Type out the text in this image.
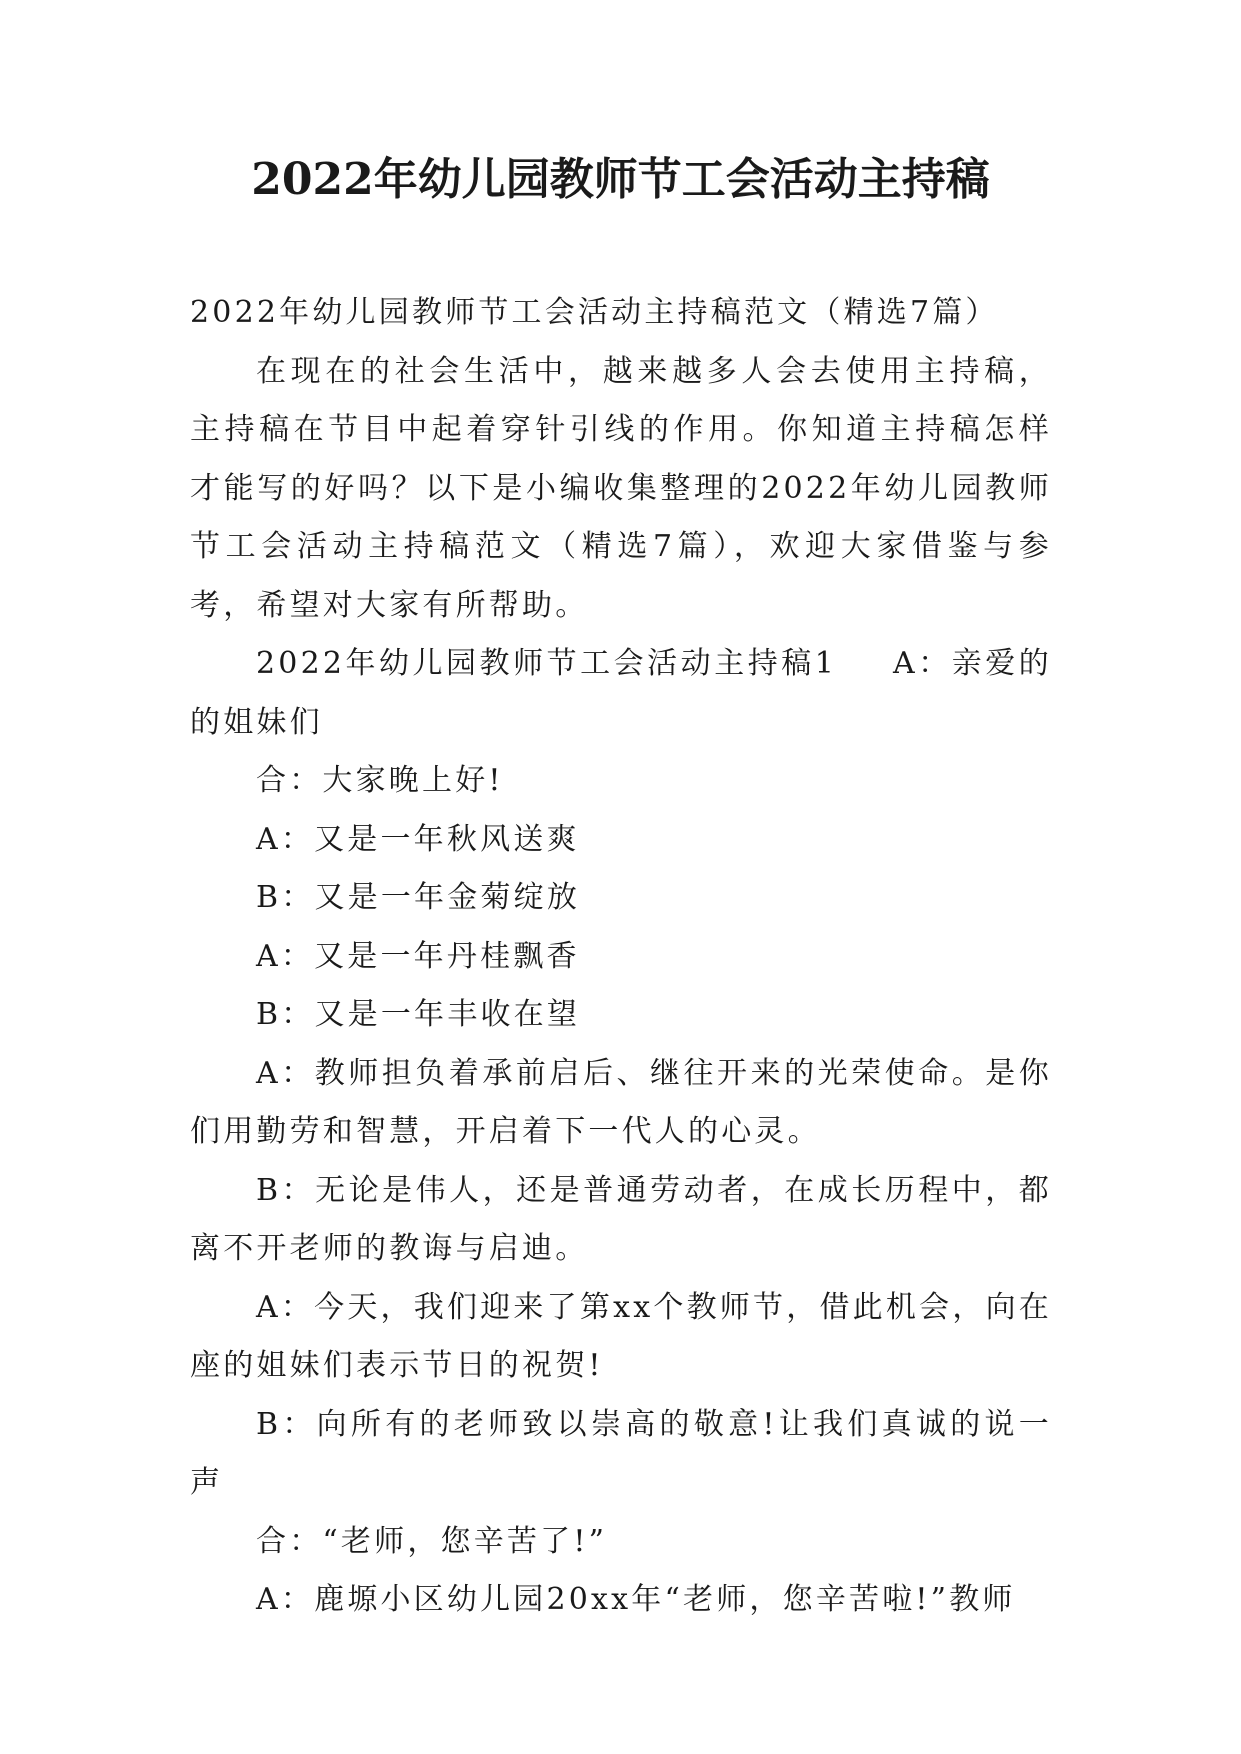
2022年幼儿园教师节工会活动主持稿

2022年幼儿园教师节工会活动主持稿范文（精选7篇）

在现在的社会生活中，越来越多人会去使用主持稿，主持稿在节目中起着穿针引线的作用。你知道主持稿怎样才能写的好吗？以下是小编收集整理的2022年幼儿园教师节工会活动主持稿范文（精选7篇），欢迎大家借鉴与参考，希望对大家有所帮助。

2022年幼儿园教师节工会活动主持稿1 A：亲爱的的姐妹们

合：大家晚上好!

A：又是一年秋风送爽

B：又是一年金菊绽放

A：又是一年丹桂飘香

B：又是一年丰收在望

A：教师担负着承前启后、继往开来的光荣使命。是你们用勤劳和智慧，开启着下一代人的心灵。

B：无论是伟人，还是普通劳动者，在成长历程中，都离不开老师的教诲与启迪。

A：今天，我们迎来了第xx个教师节，借此机会，向在座的姐妹们表示节日的祝贺!

B：向所有的老师致以崇高的敬意!让我们真诚的说一声

合：“老师，您辛苦了!”

A：鹿塬小区幼儿园20xx年“老师，您辛苦啦!”教师
